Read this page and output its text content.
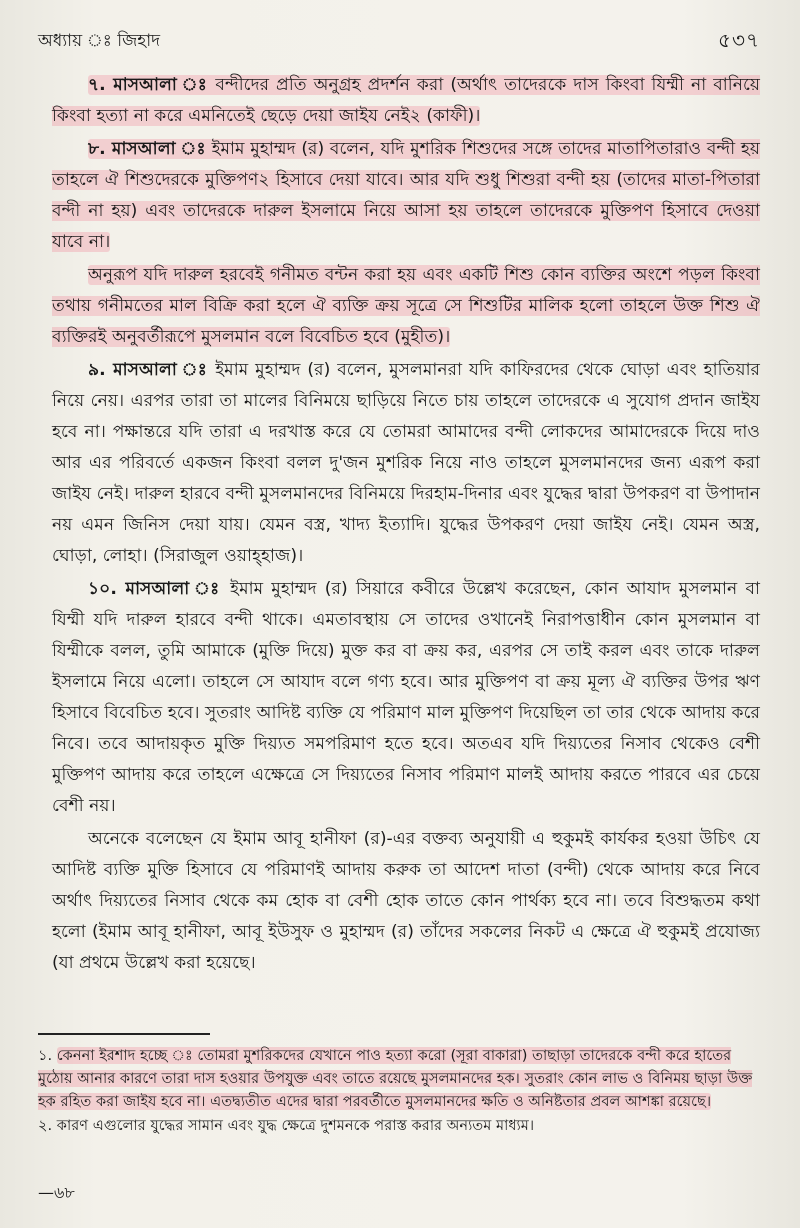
অধ্যায় ঃ জিহাদ	৫৩৭

৭. মাসআলা ঃ বন্দীদের প্রতি অনুগ্রহ প্রদর্শন করা (অর্থাৎ তাদেরকে দাস কিংবা যিম্মী না বানিয়ে কিংবা হত্যা না করে এমনিতেই ছেড়ে দেয়া জাইয নেই২ (কাফী)।

৮. মাসআলা ঃ ইমাম মুহাম্মদ (র) বলেন, যদি মুশরিক শিশুদের সঙ্গে তাদের মাতাপিতারাও বন্দী হয় তাহলে ঐ শিশুদেরকে মুক্তিপণ২ হিসাবে দেয়া যাবে। আর যদি শুধু শিশুরা বন্দী হয় (তাদের মাতা-পিতারা বন্দী না হয়) এবং তাদেরকে দারুল ইসলামে নিয়ে আসা হয় তাহলে তাদেরকে মুক্তিপণ হিসাবে দেওয়া যাবে না।

অনুরূপ যদি দারুল হরবেই গনীমত বন্টন করা হয় এবং একটি শিশু কোন ব্যক্তির অংশে পড়ল কিংবা তথায় গনীমতের মাল বিক্রি করা হলে ঐ ব্যক্তি ক্রয় সূত্রে সে শিশুটির মালিক হলো তাহলে উক্ত শিশু ঐ ব্যক্তিরই অনুবর্তীরূপে মুসলমান বলে বিবেচিত হবে (মুহীত)।

৯. মাসআলা ঃ ইমাম মুহাম্মদ (র) বলেন, মুসলমানরা যদি কাফিরদের থেকে ঘোড়া এবং হাতিয়ার নিয়ে নেয়। এরপর তারা তা মালের বিনিময়ে ছাড়িয়ে নিতে চায় তাহলে তাদেরকে এ সুযোগ প্রদান জাইয হবে না। পক্ষান্তরে যদি তারা এ দরখাস্ত করে যে তোমরা আমাদের বন্দী লোকদের আমাদেরকে দিয়ে দাও আর এর পরিবর্তে একজন কিংবা বলল দু'জন মুশরিক নিয়ে নাও তাহলে মুসলমানদের জন্য এরূপ করা জাইয নেই। দারুল হারবে বন্দী মুসলমানদের বিনিময়ে দিরহাম-দিনার এবং যুদ্ধের দ্বারা উপকরণ বা উপাদান নয় এমন জিনিস দেয়া যায়। যেমন বস্ত্র, খাদ্য ইত্যাদি। যুদ্ধের উপকরণ দেয়া জাইয নেই। যেমন অস্ত্র, ঘোড়া, লোহা। (সিরাজুল ওয়াহ্হাজ)।

১০. মাসআলা ঃ ইমাম মুহাম্মদ (র) সিয়ারে কবীরে উল্লেখ করেছেন, কোন আযাদ মুসলমান বা যিম্মী যদি দারুল হারবে বন্দী থাকে। এমতাবস্থায় সে তাদের ওখানেই নিরাপত্তাধীন কোন মুসলমান বা যিম্মীকে বলল, তুমি আমাকে (মুক্তি দিয়ে) মুক্ত কর বা ক্রয় কর, এরপর সে তাই করল এবং তাকে দারুল ইসলামে নিয়ে এলো। তাহলে সে আযাদ বলে গণ্য হবে। আর মুক্তিপণ বা ক্রয় মূল্য ঐ ব্যক্তির উপর ঋণ হিসাবে বিবেচিত হবে। সুতরাং আদিষ্ট ব্যক্তি যে পরিমাণ মাল মুক্তিপণ দিয়েছিল তা তার থেকে আদায় করে নিবে। তবে আদায়কৃত মুক্তি দিয়্যত সমপরিমাণ হতে হবে। অতএব যদি দিয়্যতের নিসাব থেকেও বেশী মুক্তিপণ আদায় করে তাহলে এক্ষেত্রে সে দিয়্যতের নিসাব পরিমাণ মালই আদায় করতে পারবে এর চেয়ে বেশী নয়।

অনেকে বলেছেন যে ইমাম আবূ হানীফা (র)-এর বক্তব্য অনুযায়ী এ হুকুমই কার্যকর হওয়া উচিৎ যে আদিষ্ট ব্যক্তি মুক্তি হিসাবে যে পরিমাণই আদায় করুক তা আদেশ দাতা (বন্দী) থেকে আদায় করে নিবে অর্থাৎ দিয়্যতের নিসাব থেকে কম হোক বা বেশী হোক তাতে কোন পার্থক্য হবে না। তবে বিশুদ্ধতম কথা হলো (ইমাম আবূ হানীফা, আবূ ইউসুফ ও মুহাম্মদ (র) তাঁদের সকলের নিকট এ ক্ষেত্রে ঐ হুকুমই প্রযোজ্য (যা প্রথমে উল্লেখ করা হয়েছে।

১. কেননা ইরশাদ হচ্ছে ঃ তোমরা মুশরিকদের যেখানে পাও হত্যা করো (সূরা বাকারা) তাছাড়া তাদেরকে বন্দী করে হাতের মুঠোয় আনার কারণে তারা দাস হওয়ার উপযুক্ত এবং তাতে রয়েছে মুসলমানদের হক। সুতরাং কোন লাভ ও বিনিময় ছাড়া উক্ত হক রহিত করা জাইয হবে না। এতদ্ব্যতীত এদের দ্বারা পরবর্তীতে মুসলমানদের ক্ষতি ও অনিষ্টতার প্রবল আশঙ্কা রয়েছে।

২. কারণ এগুলোর যুদ্ধের সামান এবং যুদ্ধ ক্ষেত্রে দুশমনকে পরাস্ত করার অন্যতম মাধ্যম।

—৬৮
